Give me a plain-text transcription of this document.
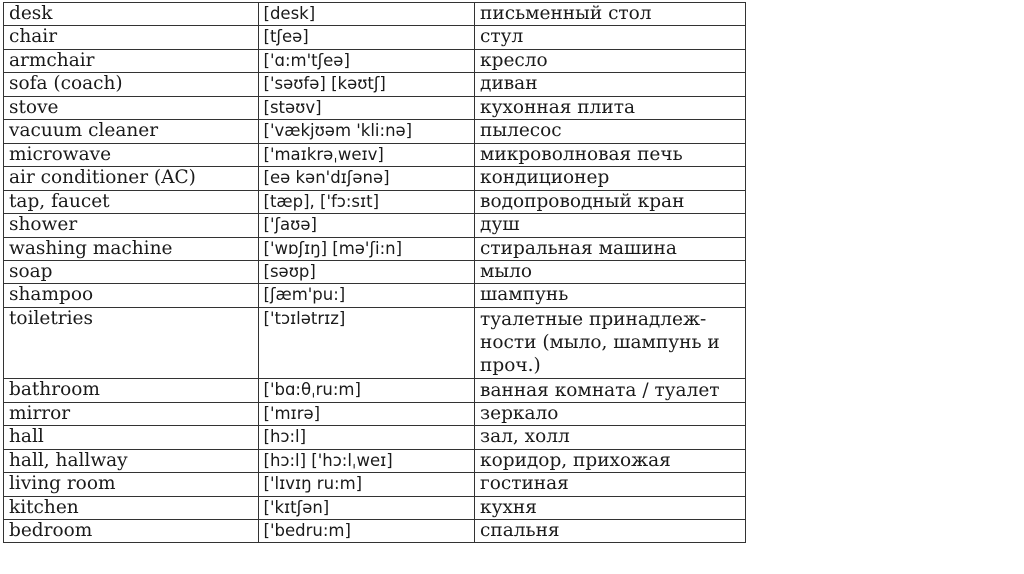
desk	[desk]	письменный стол
chair	[tʃeə]	стул
armchair	['ɑ:m'tʃeə]	кресло
sofa (coach)	['səʊfə] [kəʊtʃ]	диван
stove	[stəʊv]	кухонная плита
vacuum cleaner	['vækjʊəm 'kli:nə]	пылесос
microwave	['maɪkrəˌweɪv]	микроволновая печь
air conditioner (AC)	[eə kən'dɪʃənə]	кондиционер
tap, faucet	[tæp], ['fɔ:sɪt]	водопроводный кран
shower	['ʃaʊə]	душ
washing machine	['wɒʃɪŋ] [mə'ʃi:n]	стиральная машина
soap	[səʊp]	мыло
shampoo	[ʃæm'pu:]	шампунь
toiletries	['tɔɪlətrɪz]	туалетные принадлеж-ности (мыло, шампунь и проч.)
bathroom	['bɑ:θˌru:m]	ванная комната / туалет
mirror	['mɪrə]	зеркало
hall	[hɔ:l]	зал, холл
hall, hallway	[hɔ:l] ['hɔ:lˌweɪ]	коридор, прихожая
living room	['lɪvɪŋ ru:m]	гостиная
kitchen	['kɪtʃən]	кухня
bedroom	['bedru:m]	спальня
